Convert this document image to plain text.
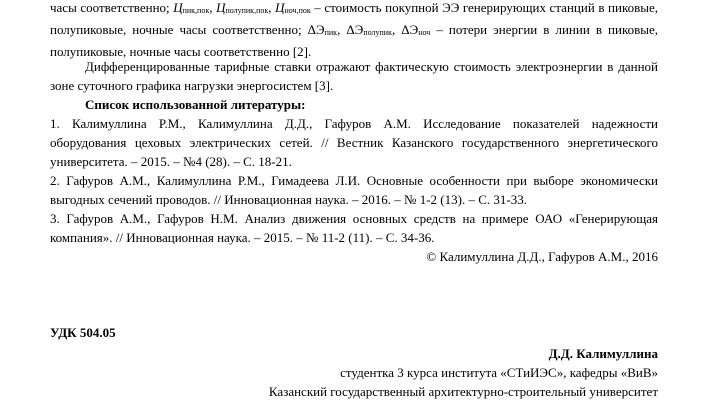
часы соответственно; Цпик,пок, Цполупик,пок, Цноч,пок – стоимость покупной ЭЭ генерирующих станций в пиковые,

полупиковые, ночные часы соответственно; ΔЭпик, ΔЭполупик, ΔЭноч – потери энергии в линии в пиковые,

полупиковые, ночные часы соответственно [2].

Дифференцированные тарифные ставки отражают фактическую стоимость электроэнергии в данной

зоне суточного графика нагрузки энергосистем [3].

Список использованной литературы:

1. Калимуллина Р.М., Калимуллина Д.Д., Гафуров А.М. Исследование показателей надежности

оборудования цеховых электрических сетей. // Вестник Казанского государственного энергетического

университета. – 2015. – №4 (28). – С. 18-21.

2. Гафуров А.М., Калимуллина Р.М., Гимадеева Л.И. Основные особенности при выборе экономически

выгодных сечений проводов. // Инновационная наука. – 2016. – № 1-2 (13). – С. 31-33.

3. Гафуров А.М., Гафуров Н.М. Анализ движения основных средств на примере ОАО «Генерирующая

компания». // Инновационная наука. – 2015. – № 11-2 (11). – С. 34-36.

© Калимуллина Д.Д., Гафуров А.М., 2016

УДК 504.05

Д.Д. Калимуллина

студентка 3 курса института «СТиИЭС», кафедры «ВиВ»

Казанский государственный архитектурно-строительный университет
